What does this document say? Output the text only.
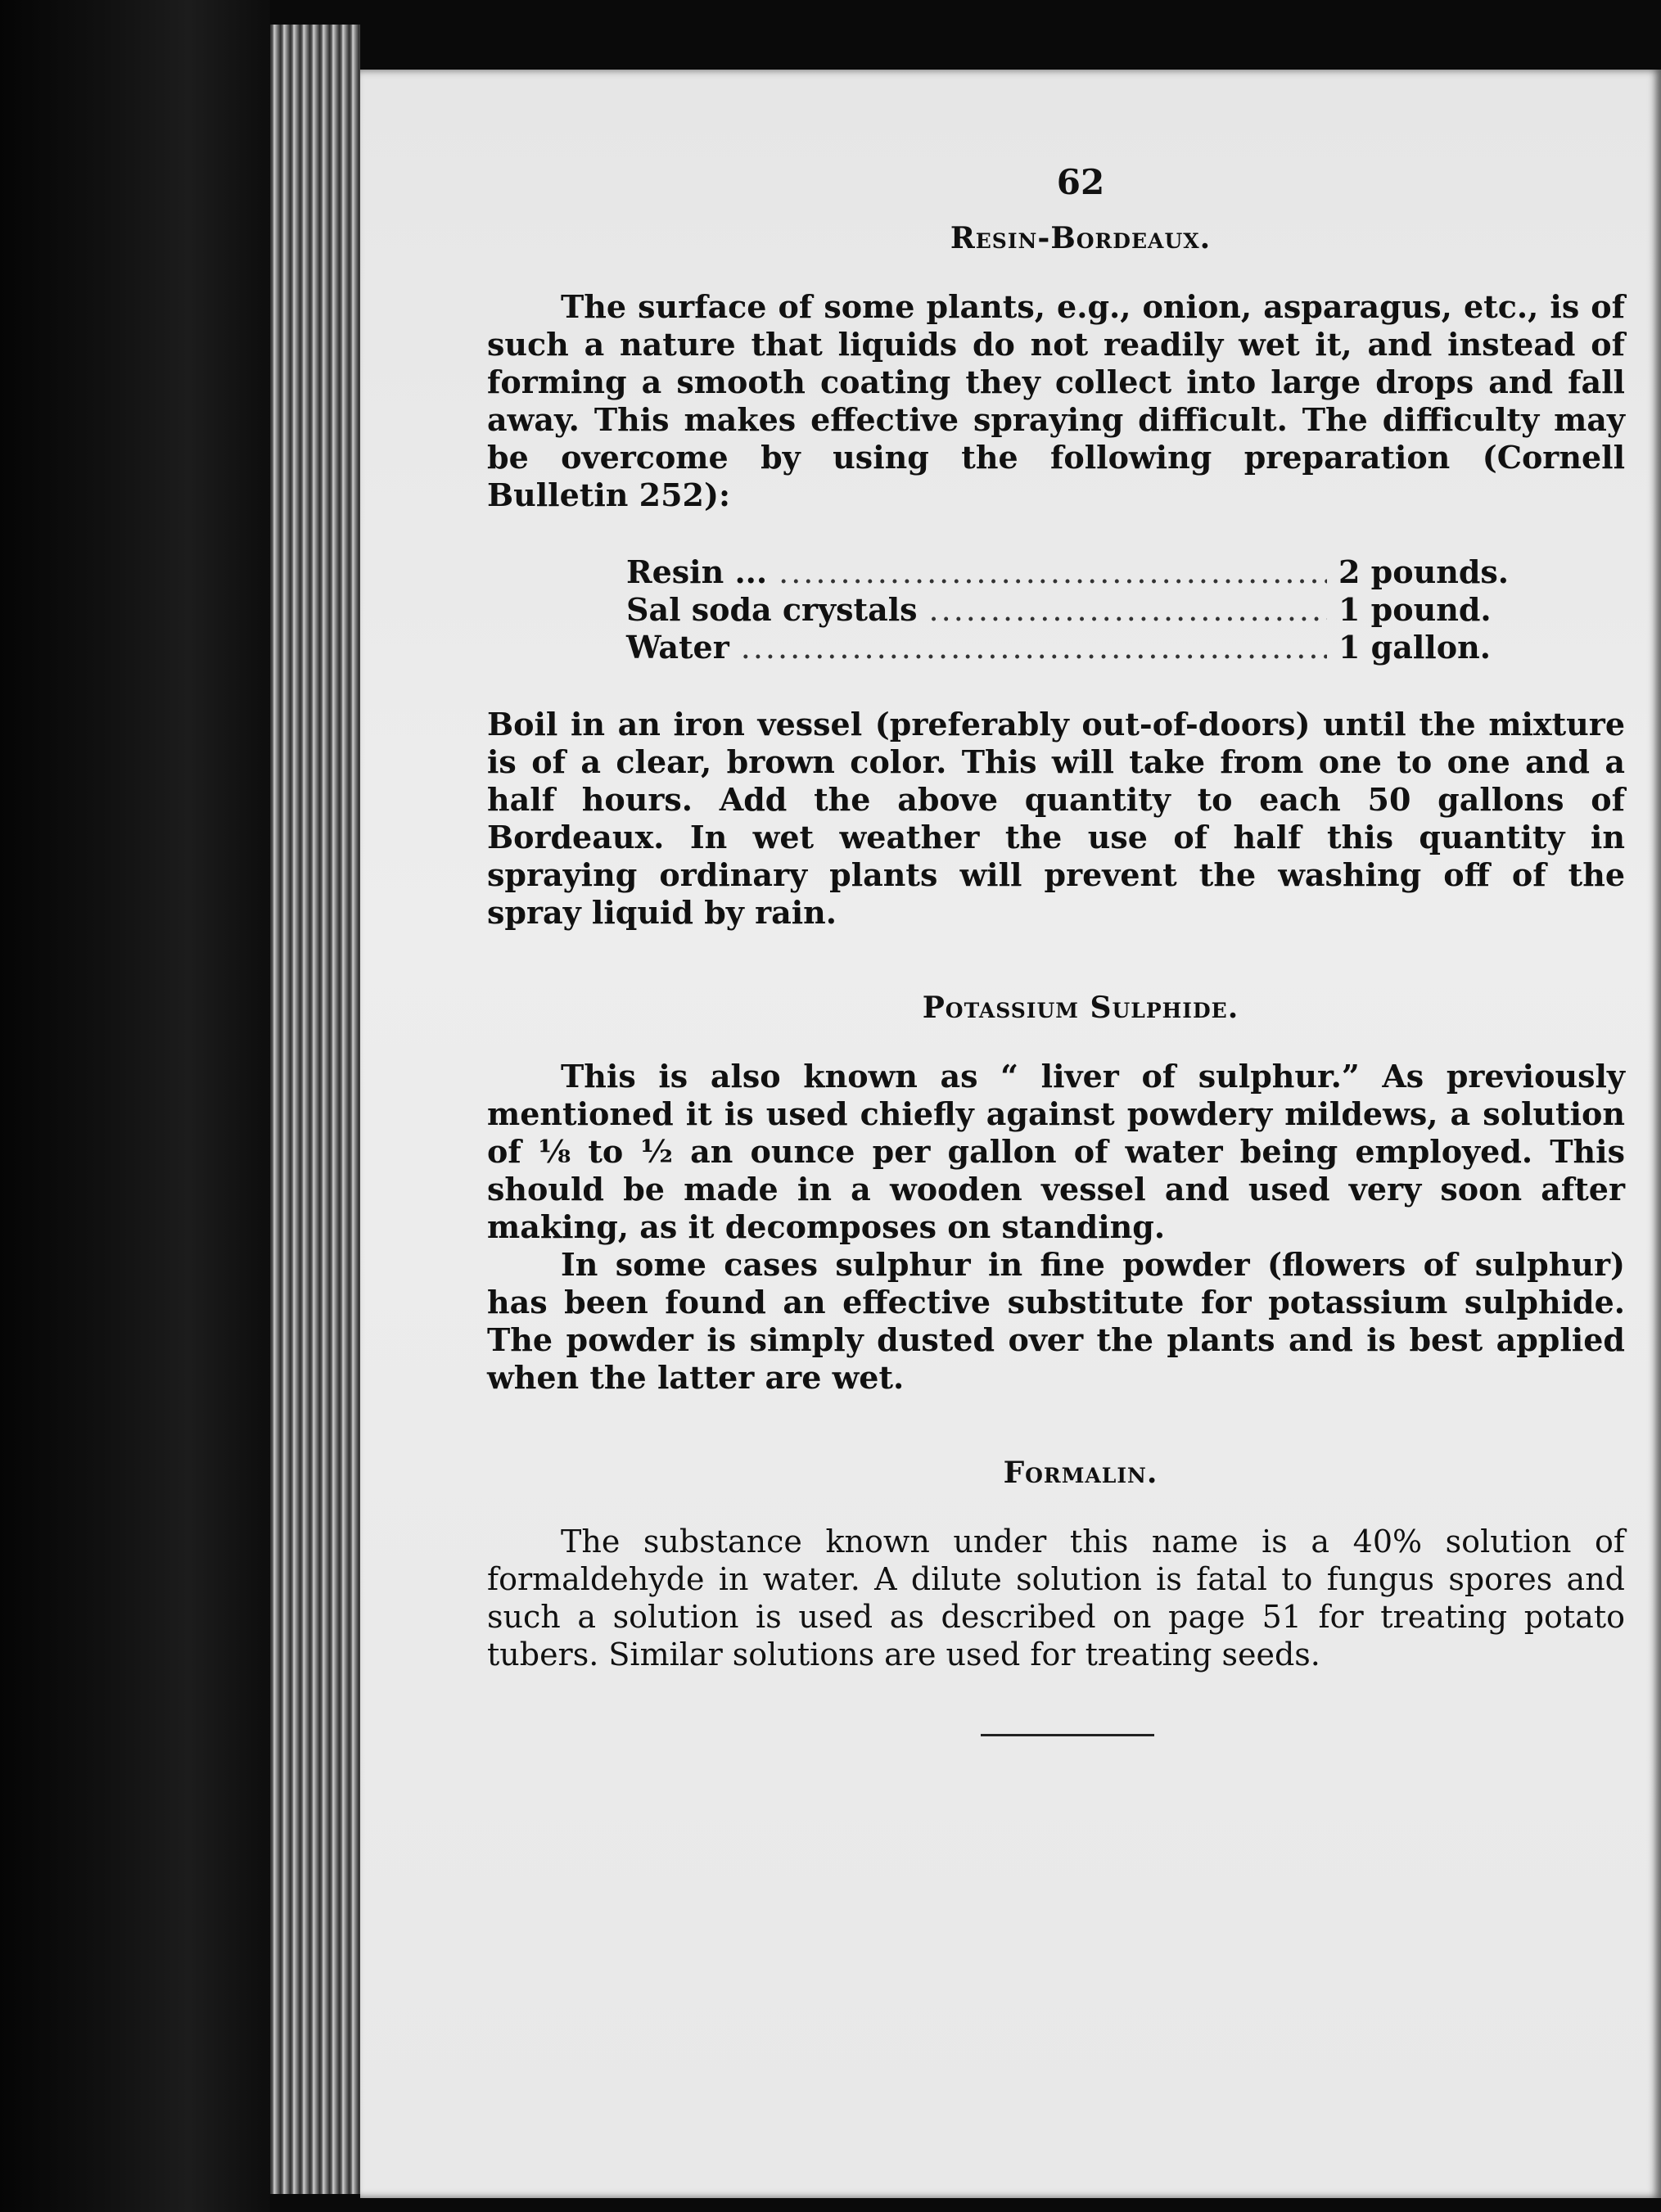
62
Resin-Bordeaux.

The surface of some plants, e.g., onion, asparagus, etc., is of such a nature that liquids do not readily wet it, and instead of forming a smooth coating they collect into large drops and fall away. This makes effective spraying difficult. The difficulty may be overcome by using the following preparation (Cornell Bulletin 252):

Resin ... .....	2 pounds.
Sal soda crystals .....	1 pound.
Water .....	1 gallon.

Boil in an iron vessel (preferably out-of-doors) until the mixture is of a clear, brown color. This will take from one to one and a half hours. Add the above quantity to each 50 gallons of Bordeaux. In wet weather the use of half this quantity in spraying ordinary plants will prevent the washing off of the spray liquid by rain.

Potassium Sulphide.

This is also known as “ liver of sulphur.” As previously mentioned it is used chiefly against powdery mildews, a solution of ⅛ to ½ an ounce per gallon of water being employed. This should be made in a wooden vessel and used very soon after making, as it decomposes on standing.

In some cases sulphur in fine powder (flowers of sulphur) has been found an effective substitute for potassium sulphide. The powder is simply dusted over the plants and is best applied when the latter are wet.

Formalin.

The substance known under this name is a 40% solution of formaldehyde in water. A dilute solution is fatal to fungus spores and such a solution is used as described on page 51 for treating potato tubers. Similar solutions are used for treating seeds.
